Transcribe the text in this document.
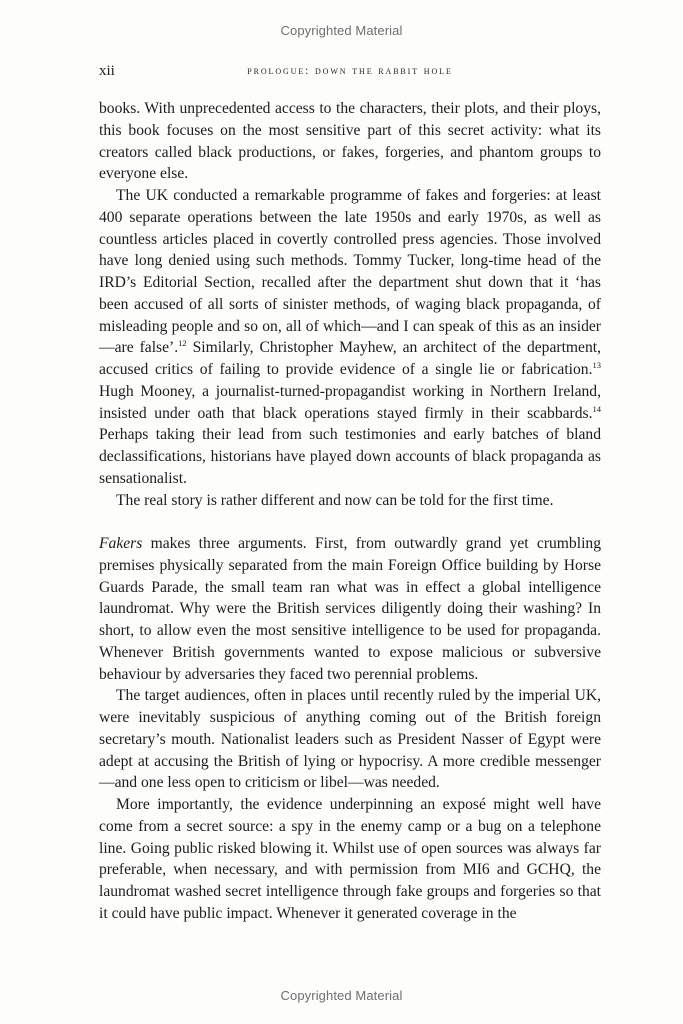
Copyrighted Material
xii	prologue: down the rabbit hole

books. With unprecedented access to the characters, their plots, and their ploys, this book focuses on the most sensitive part of this secret activity: what its creators called black productions, or fakes, forgeries, and phantom groups to everyone else.

The UK conducted a remarkable programme of fakes and forgeries: at least 400 separate operations between the late 1950s and early 1970s, as well as countless articles placed in covertly controlled press agencies. Those involved have long denied using such methods. Tommy Tucker, long-time head of the IRD’s Editorial Section, recalled after the department shut down that it ‘has been accused of all sorts of sinister methods, of waging black propaganda, of misleading people and so on, all of which—and I can speak of this as an insider—are false’.$^{12}$ Similarly, Christopher Mayhew, an architect of the department, accused critics of failing to provide evidence of a single lie or fabrication.$^{13}$ Hugh Mooney, a journalist-turned-propagandist working in Northern Ireland, insisted under oath that black operations stayed firmly in their scabbards.$^{14}$ Perhaps taking their lead from such testimonies and early batches of bland declassifications, historians have played down accounts of black propaganda as sensationalist.

The real story is rather different and now can be told for the first time.

Fakers makes three arguments. First, from outwardly grand yet crumbling premises physically separated from the main Foreign Office building by Horse Guards Parade, the small team ran what was in effect a global intelligence laundromat. Why were the British services diligently doing their washing? In short, to allow even the most sensitive intelligence to be used for propaganda. Whenever British governments wanted to expose malicious or subversive behaviour by adversaries they faced two perennial problems.

The target audiences, often in places until recently ruled by the imperial UK, were inevitably suspicious of anything coming out of the British foreign secretary’s mouth. Nationalist leaders such as President Nasser of Egypt were adept at accusing the British of lying or hypocrisy. A more credible messenger—and one less open to criticism or libel—was needed.

More importantly, the evidence underpinning an exposé might well have come from a secret source: a spy in the enemy camp or a bug on a telephone line. Going public risked blowing it. Whilst use of open sources was always far preferable, when necessary, and with permission from MI6 and GCHQ, the laundromat washed secret intelligence through fake groups and forgeries so that it could have public impact. Whenever it generated coverage in the

Copyrighted Material
